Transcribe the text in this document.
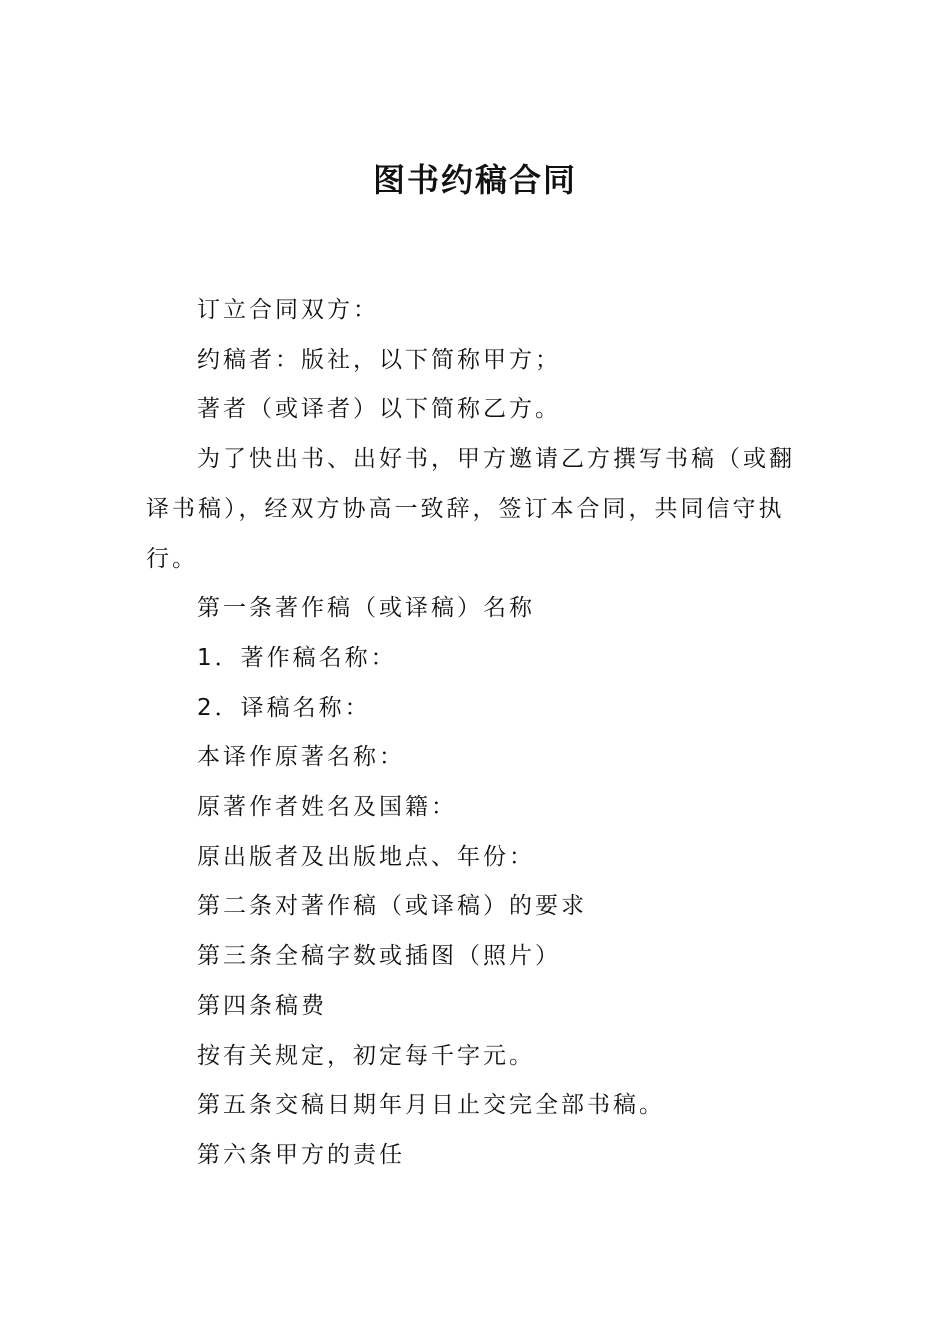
图书约稿合同

订立合同双方：

约稿者：版社，以下简称甲方；

著者（或译者）以下简称乙方。

为了快出书、出好书，甲方邀请乙方撰写书稿（或翻译书稿），经双方协高一致辞，签订本合同，共同信守执行。

第一条著作稿（或译稿）名称

1．著作稿名称：

2．译稿名称：

本译作原著名称：

原著作者姓名及国籍：

原出版者及出版地点、年份：

第二条对著作稿（或译稿）的要求

第三条全稿字数或插图（照片）

第四条稿费

按有关规定，初定每千字元。

第五条交稿日期年月日止交完全部书稿。

第六条甲方的责任
